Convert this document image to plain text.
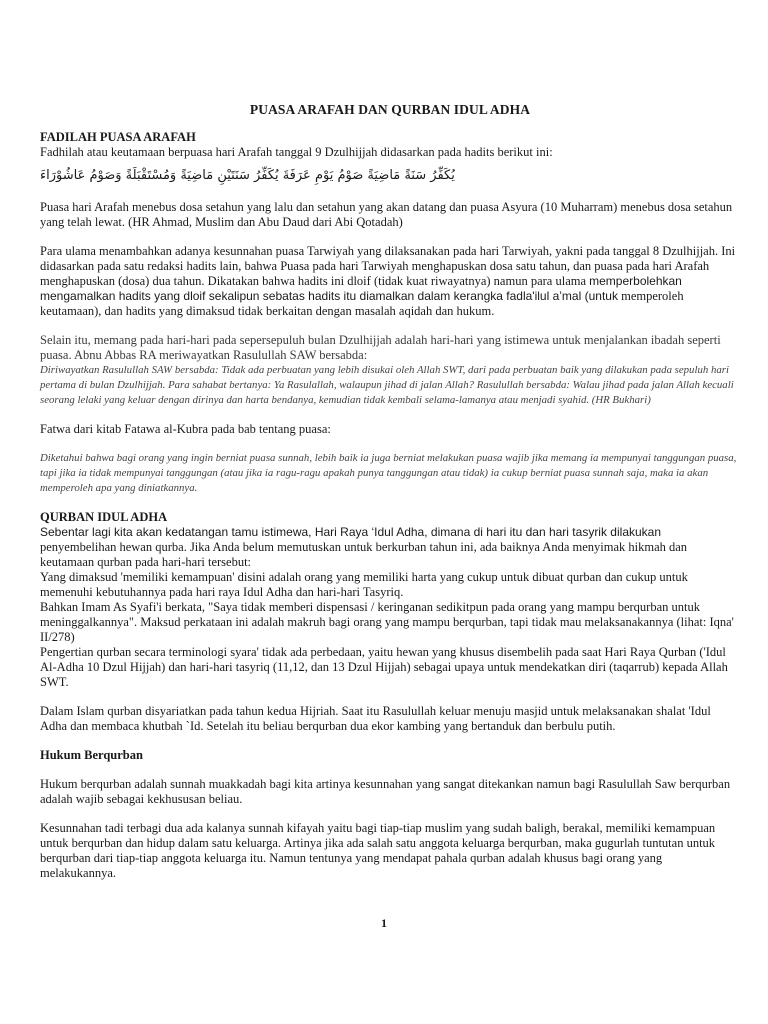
PUASA ARAFAH DAN QURBAN IDUL ADHA
FADILAH PUASA ARAFAH

Fadhilah atau keutamaan berpuasa hari Arafah tanggal 9 Dzulhijjah didasarkan pada hadits berikut ini:

يُكَفِّرُ سَنَةً مَاضِيَةً صَوْمُ يَوْمِ عَرَفَةَ يُكَفِّرُ سَنَتَيْنِ مَاضِيَةً وَمُسْتَقْبَلَةً وَصَوْمُ عَاشُوْرَاءَ

Puasa hari Arafah menebus dosa setahun yang lalu dan setahun yang akan datang dan puasa Asyura (10 Muharram) menebus dosa setahun yang telah lewat. (HR Ahmad, Muslim dan Abu Daud dari Abi Qotadah)

Para ulama menambahkan adanya kesunnahan puasa Tarwiyah yang dilaksanakan pada hari Tarwiyah, yakni pada tanggal 8 Dzulhijjah. Ini didasarkan pada satu redaksi hadits lain, bahwa Puasa pada hari Tarwiyah menghapuskan dosa satu tahun, dan puasa pada hari Arafah menghapuskan (dosa) dua tahun. Dikatakan bahwa hadits ini dloif (tidak kuat riwayatnya) namun para ulama memperbolehkan mengamalkan hadits yang dloif sekalipun sebatas hadits itu diamalkan dalam kerangka fadla'ilul a’mal (untuk memperoleh keutamaan), dan hadits yang dimaksud tidak berkaitan dengan masalah aqidah dan hukum.

Selain itu, memang pada hari-hari pada sepersepuluh bulan Dzulhijjah adalah hari-hari yang istimewa untuk menjalankan ibadah seperti puasa. Abnu Abbas RA meriwayatkan Rasulullah SAW bersabda:

Diriwayatkan Rasulullah SAW bersabda: Tidak ada perbuatan yang lebih disukai oleh Allah SWT, dari pada perbuatan baik yang dilakukan pada sepuluh hari pertama di bulan Dzulhijjah. Para sahabat bertanya: Ya Rasulallah, walaupun jihad di jalan Allah? Rasulullah bersabda: Walau jihad pada jalan Allah kecuali seorang lelaki yang keluar dengan dirinya dan harta bendanya, kemudian tidak kembali selama-lamanya atau menjadi syahid. (HR Bukhari)

Fatwa dari kitab Fatawa al-Kubra pada bab tentang puasa:

Diketahui bahwa bagi orang yang ingin berniat puasa sunnah, lebih baik ia juga berniat melakukan puasa wajib jika memang ia mempunyai tanggungan puasa, tapi jika ia tidak mempunyai tanggungan (atau jika ia ragu-ragu apakah punya tanggungan atau tidak) ia cukup berniat puasa sunnah saja, maka ia akan memperoleh apa yang diniatkannya.

QURBAN IDUL ADHA

Sebentar lagi kita akan kedatangan tamu istimewa, Hari Raya ‘Idul Adha, dimana di hari itu dan hari tasyrik dilakukan

penyembelihan hewan qurba. Jika Anda belum memutuskan untuk berkurban tahun ini, ada baiknya Anda menyimak hikmah dan keutamaan qurban pada hari-hari tersebut:

Yang dimaksud 'memiliki kemampuan' disini adalah orang yang memiliki harta yang cukup untuk dibuat qurban dan cukup untuk memenuhi kebutuhannya pada hari raya Idul Adha dan hari-hari Tasyriq.

Bahkan Imam As Syafi'i berkata, "Saya tidak memberi dispensasi / keringanan sedikitpun pada orang yang mampu berqurban untuk meninggalkannya". Maksud perkataan ini adalah makruh bagi orang yang mampu berqurban, tapi tidak mau melaksanakannya (lihat: Iqna' II/278)

Pengertian qurban secara terminologi syara' tidak ada perbedaan, yaitu hewan yang khusus disembelih pada saat Hari Raya Qurban ('Idul Al-Adha 10 Dzul Hijjah) dan hari-hari tasyriq (11,12, dan 13 Dzul Hijjah) sebagai upaya untuk mendekatkan diri (taqarrub) kepada Allah SWT.

Dalam Islam qurban disyariatkan pada tahun kedua Hijriah. Saat itu Rasulullah keluar menuju masjid untuk melaksanakan shalat 'Idul Adha dan membaca khutbah `Id. Setelah itu beliau berqurban dua ekor kambing yang bertanduk dan berbulu putih.

Hukum Berqurban

Hukum berqurban adalah sunnah muakkadah bagi kita artinya kesunnahan yang sangat ditekankan namun bagi Rasulullah Saw berqurban adalah wajib sebagai kekhususan beliau.

Kesunnahan tadi terbagi dua ada kalanya sunnah kifayah yaitu bagi tiap-tiap muslim yang sudah baligh, berakal, memiliki kemampuan untuk berqurban dan hidup dalam satu keluarga. Artinya jika ada salah satu anggota keluarga berqurban, maka gugurlah tuntutan untuk berqurban dari tiap-tiap anggota keluarga itu. Namun tentunya yang mendapat pahala qurban adalah khusus bagi orang yang melakukannya.

1
